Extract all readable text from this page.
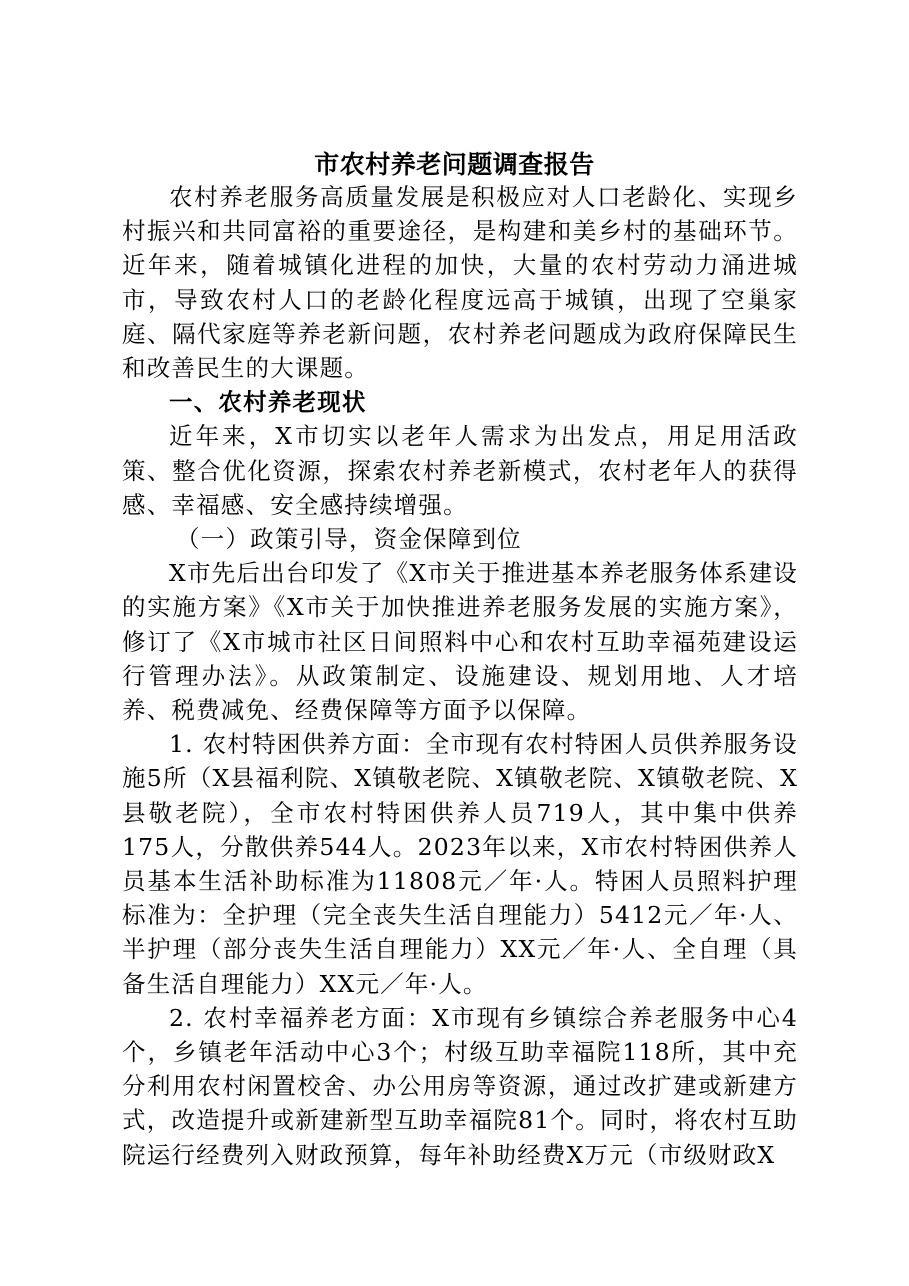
市农村养老问题调查报告

农村养老服务高质量发展是积极应对人口老龄化、实现乡村振兴和共同富裕的重要途径，是构建和美乡村的基础环节。近年来，随着城镇化进程的加快，大量的农村劳动力涌进城市，导致农村人口的老龄化程度远高于城镇，出现了空巢家庭、隔代家庭等养老新问题，农村养老问题成为政府保障民生和改善民生的大课题。

一、农村养老现状

近年来，X市切实以老年人需求为出发点，用足用活政策、整合优化资源，探索农村养老新模式，农村老年人的获得感、幸福感、安全感持续增强。

（一）政策引导，资金保障到位

X市先后出台印发了《X市关于推进基本养老服务体系建设的实施方案》《X市关于加快推进养老服务发展的实施方案》，修订了《X市城市社区日间照料中心和农村互助幸福苑建设运行管理办法》。从政策制定、设施建设、规划用地、人才培养、税费减免、经费保障等方面予以保障。

1. 农村特困供养方面：全市现有农村特困人员供养服务设施5所（X县福利院、X镇敬老院、X镇敬老院、X镇敬老院、X县敬老院），全市农村特困供养人员719人，其中集中供养175人，分散供养544人。2023年以来，X市农村特困供养人员基本生活补助标准为11808元／年·人。特困人员照料护理标准为：全护理（完全丧失生活自理能力）5412元／年·人、半护理（部分丧失生活自理能力）XX元／年·人、全自理（具备生活自理能力）XX元／年·人。

2. 农村幸福养老方面：X市现有乡镇综合养老服务中心4个，乡镇老年活动中心3个；村级互助幸福院118所，其中充分利用农村闲置校舍、办公用房等资源，通过改扩建或新建方式，改造提升或新建新型互助幸福院81个。同时，将农村互助院运行经费列入财政预算，每年补助经费X万元（市级财政X
